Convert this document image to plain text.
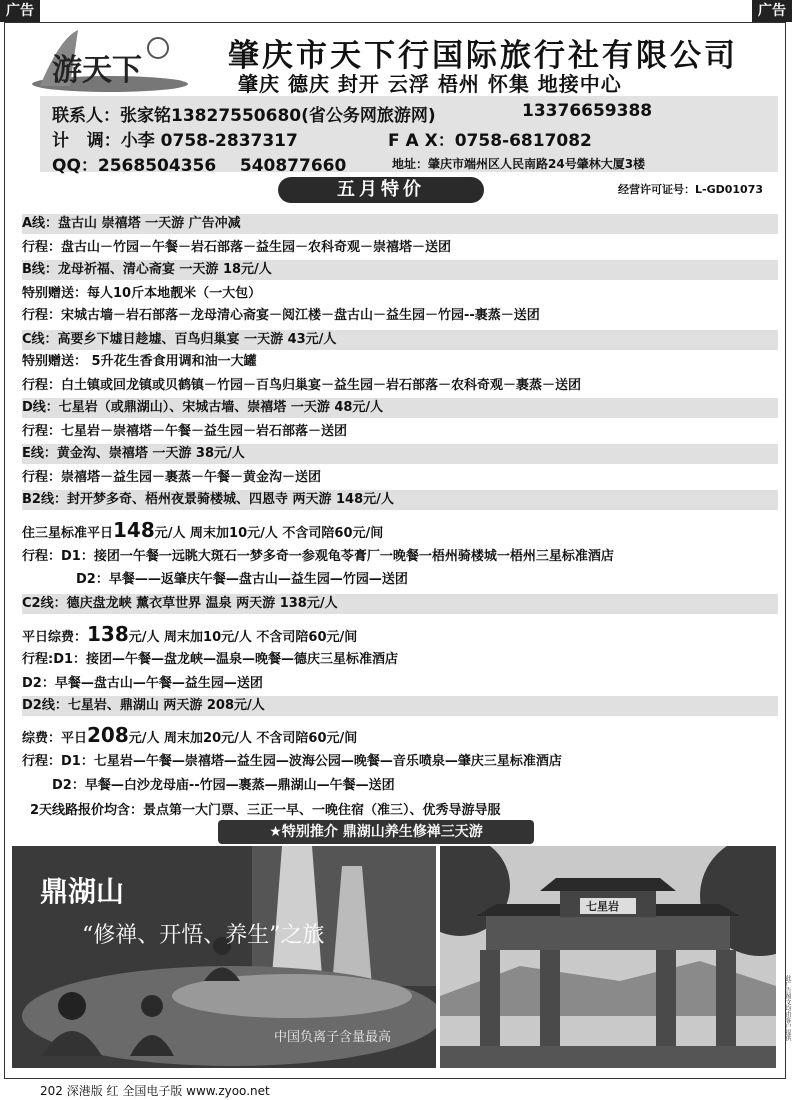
广告	广告
游天下	肇庆市天下行国际旅行社有限公司
肇庆 德庆 封开 云浮 梧州 怀集 地接中心
联系人：张家铭13827550680(省公务网旅游网)	13376659388
计   调：小李 0758-2837317	F A X：0758-6817082
QQ：2568504356    540877660	地址：肇庆市端州区人民南路24号肇林大厦3楼
五月特价	经营许可证号：L-GD01073
A线：盘古山 崇禧塔 一天游 广告冲减
行程：盘古山－竹园－午餐－岩石部落－益生园－农科奇观－崇禧塔－送团
B线：龙母祈福、清心斋宴 一天游 18元/人
特别赠送：每人10斤本地靓米（一大包）
行程：宋城古墙－岩石部落－龙母清心斋宴－阅江楼－盘古山－益生园－竹园--裹蒸－送团
C线：高要乡下墟日趁墟、百鸟归巢宴 一天游 43元/人
特别赠送： 5升花生香食用调和油一大罐
行程：白土镇或回龙镇或贝鹤镇－竹园－百鸟归巢宴－益生园－岩石部落－农科奇观－裹蒸－送团
D线：七星岩（或鼎湖山）、宋城古墙、崇禧塔 一天游 48元/人
行程：七星岩－崇禧塔－午餐－益生园－岩石部落－送团
E线：黄金沟、崇禧塔 一天游 38元/人
行程：崇禧塔－益生园－裹蒸－午餐－黄金沟－送团
B2线：封开梦多奇、梧州夜景骑楼城、四恩寺 两天游 148元/人
住三星标准平日148元/人 周末加10元/人 不含司陪60元/间
行程：D1：接团一午餐一远眺大斑石一梦多奇一参观龟苓膏厂一晚餐一梧州骑楼城一梧州三星标准酒店
D2：早餐——返肇庆午餐—盘古山—益生园—竹园—送团
C2线：德庆盘龙峡 薰衣草世界 温泉 两天游 138元/人
平日综费：138元/人 周末加10元/人 不含司陪60元/间
行程:D1：接团—午餐—盘龙峡—温泉—晚餐—德庆三星标准酒店
D2：早餐—盘古山—午餐—益生园—送团
D2线：七星岩、鼎湖山 两天游 208元/人
综费：平日208元/人 周末加20元/人 不含司陪60元/间
行程：D1：七星岩—午餐—崇禧塔—益生园—波海公园—晚餐—音乐喷泉—肇庆三星标准酒店
D2：早餐—白沙龙母庙--竹园—裹蒸—鼎湖山—午餐—送团
2天线路报价均含：景点第一大门票、三正一早、一晚住宿（准三）、优秀导游导服
★特别推介 鼎湖山养生修禅三天游
鼎湖山
“修禅、开悟、养生”之旅
中国负离子含量最高
七星岩
202 深港版 红 全国电子版 www.zyoo.net
此广告图文均由客户提供
